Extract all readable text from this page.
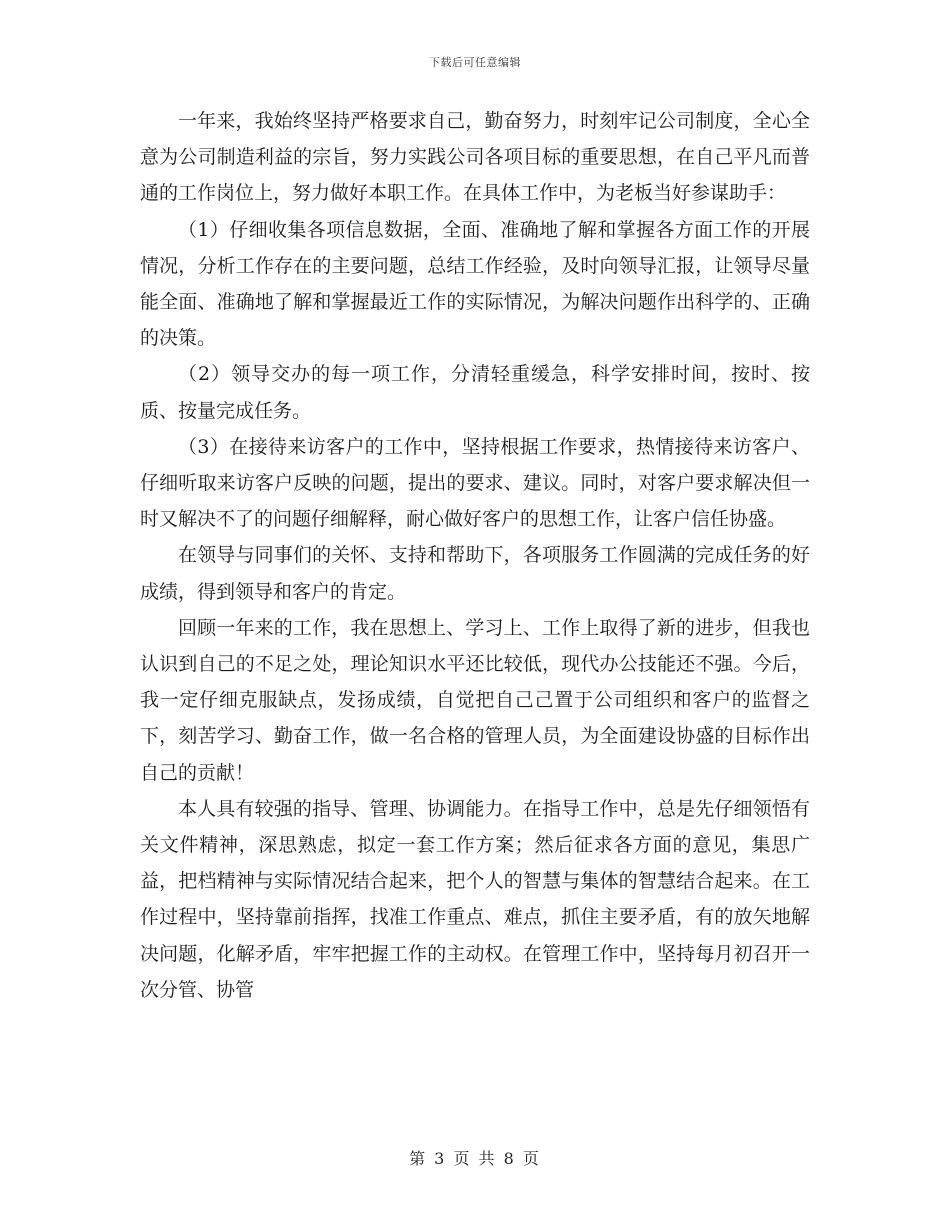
下载后可任意编辑

一年来，我始终坚持严格要求自己，勤奋努力，时刻牢记公司制度，全心全意为公司制造利益的宗旨，努力实践公司各项目标的重要思想，在自己平凡而普通的工作岗位上，努力做好本职工作。在具体工作中，为老板当好参谋助手：

（1）仔细收集各项信息数据，全面、准确地了解和掌握各方面工作的开展情况，分析工作存在的主要问题，总结工作经验，及时向领导汇报，让领导尽量能全面、准确地了解和掌握最近工作的实际情况，为解决问题作出科学的、正确的决策。

（2）领导交办的每一项工作，分清轻重缓急，科学安排时间，按时、按质、按量完成任务。

（3）在接待来访客户的工作中，坚持根据工作要求，热情接待来访客户、仔细听取来访客户反映的问题，提出的要求、建议。同时，对客户要求解决但一时又解决不了的问题仔细解释，耐心做好客户的思想工作，让客户信任协盛。

在领导与同事们的关怀、支持和帮助下，各项服务工作圆满的完成任务的好成绩，得到领导和客户的肯定。

回顾一年来的工作，我在思想上、学习上、工作上取得了新的进步，但我也认识到自己的不足之处，理论知识水平还比较低，现代办公技能还不强。今后，我一定仔细克服缺点，发扬成绩，自觉把自己己置于公司组织和客户的监督之下，刻苦学习、勤奋工作，做一名合格的管理人员，为全面建设协盛的目标作出自己的贡献！

本人具有较强的指导、管理、协调能力。在指导工作中，总是先仔细领悟有关文件精神，深思熟虑，拟定一套工作方案；然后征求各方面的意见，集思广益，把档精神与实际情况结合起来，把个人的智慧与集体的智慧结合起来。在工作过程中，坚持靠前指挥，找准工作重点、难点，抓住主要矛盾，有的放矢地解决问题，化解矛盾，牢牢把握工作的主动权。在管理工作中，坚持每月初召开一次分管、协管

第 3 页 共 8 页
